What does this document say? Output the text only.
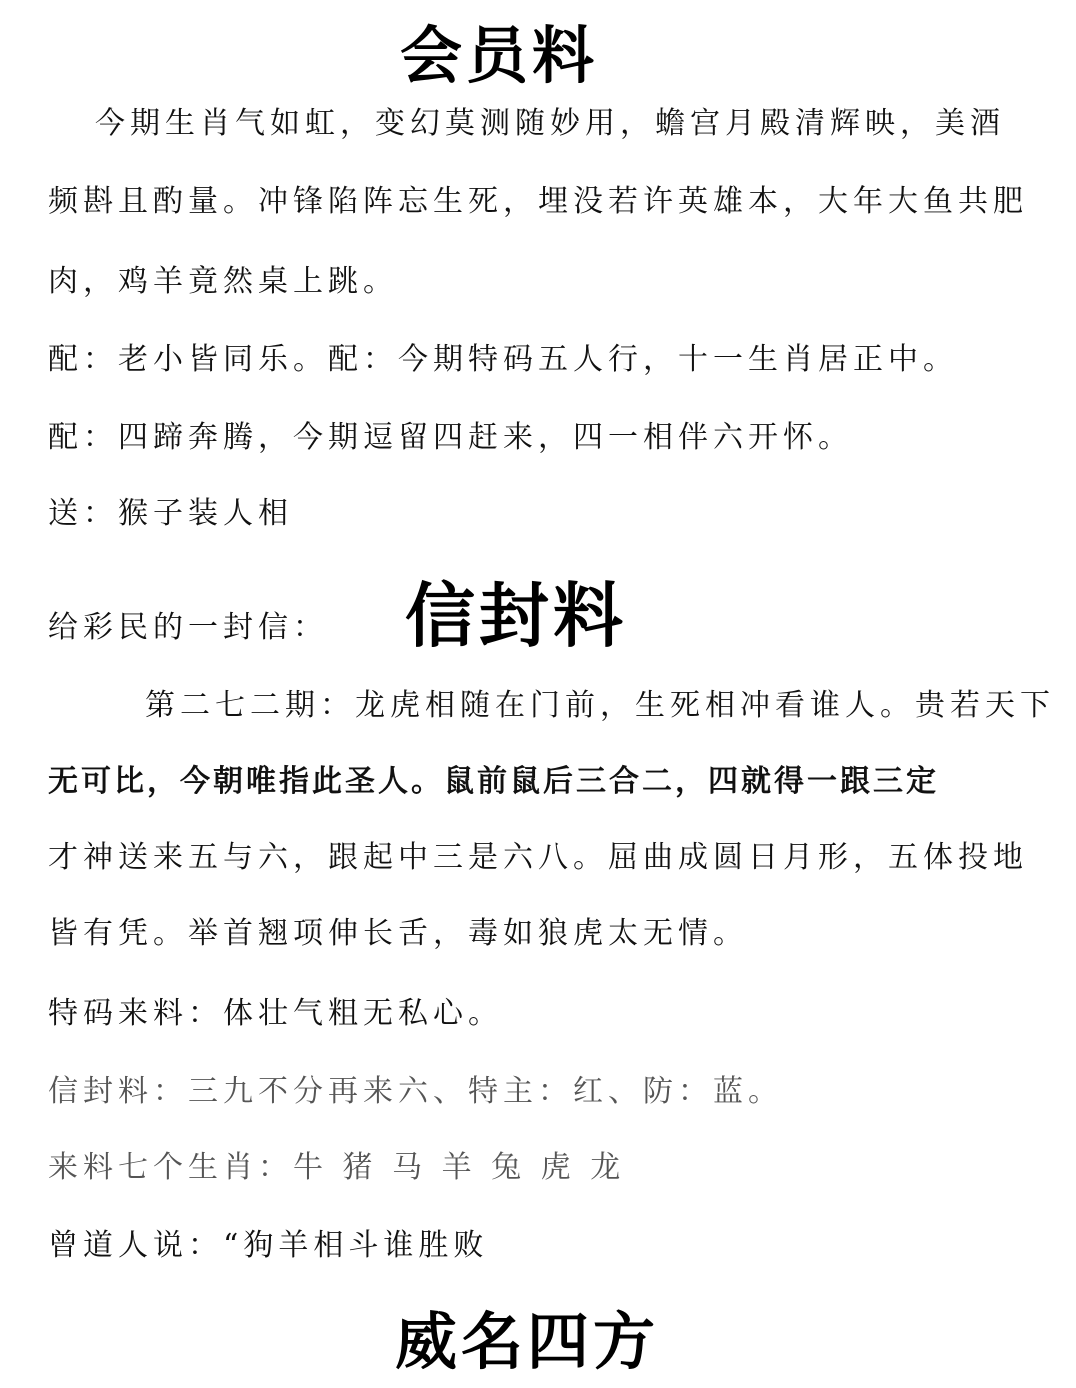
会员料
今期生肖气如虹，变幻莫测随妙用，蟾宫月殿清辉映，美酒
频斟且酌量。冲锋陷阵忘生死，埋没若许英雄本，大年大鱼共肥
肉，鸡羊竟然桌上跳。
配：老小皆同乐。配：今期特码五人行，十一生肖居正中。
配：四蹄奔腾，今期逗留四赶来，四一相伴六开怀。
送：猴子装人相
给彩民的一封信： 信封料
第二七二期：龙虎相随在门前，生死相冲看谁人。贵若天下
无可比，今朝唯指此圣人。鼠前鼠后三合二，四就得一跟三定
才神送来五与六，跟起中三是六八。屈曲成圆日月形，五体投地
皆有凭。举首翘项伸长舌，毒如狼虎太无情。
特码来料：体壮气粗无私心。
信封料：三九不分再来六、特主：红、防：蓝。
来料七个生肖：牛 猪 马 羊 兔 虎 龙
曾道人说：“狗羊相斗谁胜败
威名四方
